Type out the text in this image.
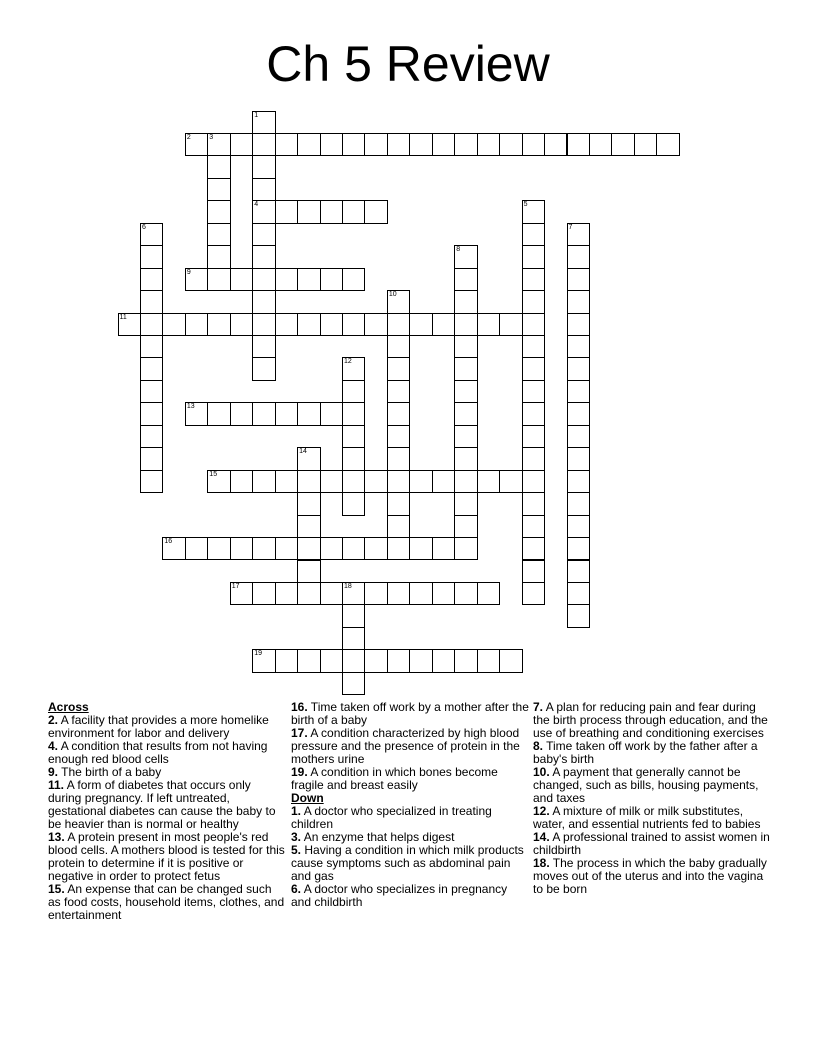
Ch 5 Review
1
4
2	3
5
6	7
8
9
10
11
12
13
14
15
16
17	18
19
Across
2. A facility that provides a more homelike environment for labor and delivery
4. A condition that results from not having enough red blood cells
9. The birth of a baby
11. A form of diabetes that occurs only during pregnancy. If left untreated, gestational diabetes can cause the baby to be heavier than is normal or healthy
13. A protein present in most people's red blood cells. A mothers blood is tested for this protein to determine if it is positive or negative in order to protect fetus
15. An expense that can be changed such as food costs, household items, clothes, and entertainment
16. Time taken off work by a mother after the birth of a baby
17. A condition characterized by high blood pressure and the presence of protein in the mothers urine
19. A condition in which bones become fragile and breast easily
Down
1. A doctor who specialized in treating children
3. An enzyme that helps digest
5. Having a condition in which milk products cause symptoms such as abdominal pain and gas
6. A doctor who specializes in pregnancy and childbirth
7. A plan for reducing pain and fear during the birth process through education, and the use of breathing and conditioning exercises
8. Time taken off work by the father after a baby's birth
10. A payment that generally cannot be changed, such as bills, housing payments, and taxes
12. A mixture of milk or milk substitutes, water, and essential nutrients fed to babies
14. A professional trained to assist women in childbirth
18. The process in which the baby gradually moves out of the uterus and into the vagina to be born
